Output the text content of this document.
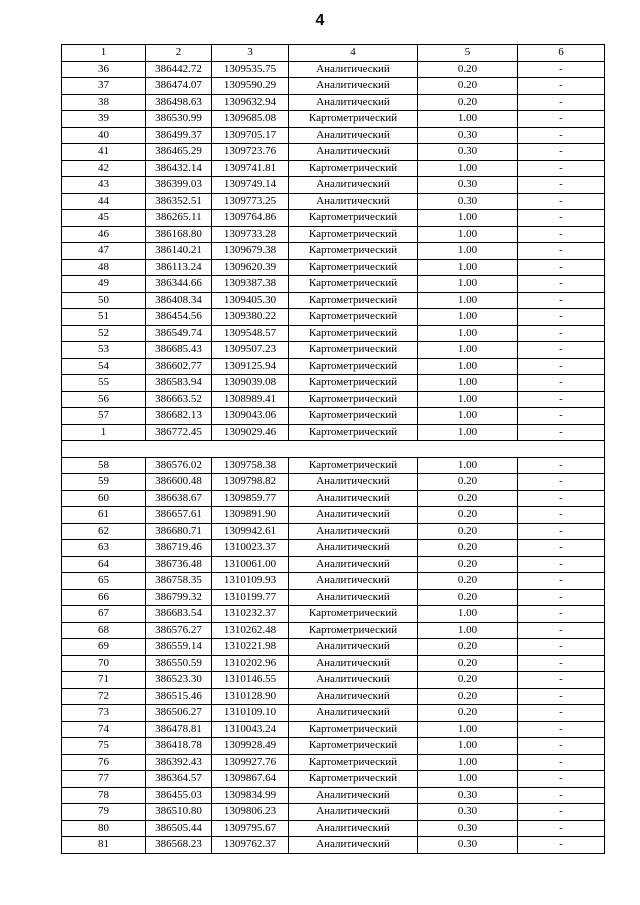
4
1	2	3	4	5	6
36	386442.72	1309535.75	Аналитический	0.20	-
37	386474.07	1309590.29	Аналитический	0.20	-
38	386498.63	1309632.94	Аналитический	0.20	-
39	386530.99	1309685.08	Картометрический	1.00	-
40	386499.37	1309705.17	Аналитический	0.30	-
41	386465.29	1309723.76	Аналитический	0.30	-
42	386432.14	1309741.81	Картометрический	1.00	-
43	386399.03	1309749.14	Аналитический	0.30	-
44	386352.51	1309773.25	Аналитический	0.30	-
45	386265.11	1309764.86	Картометрический	1.00	-
46	386168.80	1309733.28	Картометрический	1.00	-
47	386140.21	1309679.38	Картометрический	1.00	-
48	386113.24	1309620.39	Картометрический	1.00	-
49	386344.66	1309387.38	Картометрический	1.00	-
50	386408.34	1309405.30	Картометрический	1.00	-
51	386454.56	1309380.22	Картометрический	1.00	-
52	386549.74	1309548.57	Картометрический	1.00	-
53	386685.43	1309507.23	Картометрический	1.00	-
54	386602.77	1309125.94	Картометрический	1.00	-
55	386583.94	1309039.08	Картометрический	1.00	-
56	386663.52	1308989.41	Картометрический	1.00	-
57	386682.13	1309043.06	Картометрический	1.00	-
1	386772.45	1309029.46	Картометрический	1.00	-

58	386576.02	1309758.38	Картометрический	1.00	-
59	386600.48	1309798.82	Аналитический	0.20	-
60	386638.67	1309859.77	Аналитический	0.20	-
61	386657.61	1309891.90	Аналитический	0.20	-
62	386680.71	1309942.61	Аналитический	0.20	-
63	386719.46	1310023.37	Аналитический	0.20	-
64	386736.48	1310061.00	Аналитический	0.20	-
65	386758.35	1310109.93	Аналитический	0.20	-
66	386799.32	1310199.77	Аналитический	0.20	-
67	386683.54	1310232.37	Картометрический	1.00	-
68	386576.27	1310262.48	Картометрический	1.00	-
69	386559.14	1310221.98	Аналитический	0.20	-
70	386550.59	1310202.96	Аналитический	0.20	-
71	386523.30	1310146.55	Аналитический	0.20	-
72	386515.46	1310128.90	Аналитический	0.20	-
73	386506.27	1310109.10	Аналитический	0.20	-
74	386478.81	1310043.24	Картометрический	1.00	-
75	386418.78	1309928.49	Картометрический	1.00	-
76	386392.43	1309927.76	Картометрический	1.00	-
77	386364.57	1309867.64	Картометрический	1.00	-
78	386455.03	1309834.99	Аналитический	0.30	-
79	386510.80	1309806.23	Аналитический	0.30	-
80	386505.44	1309795.67	Аналитический	0.30	-
81	386568.23	1309762.37	Аналитический	0.30	-
